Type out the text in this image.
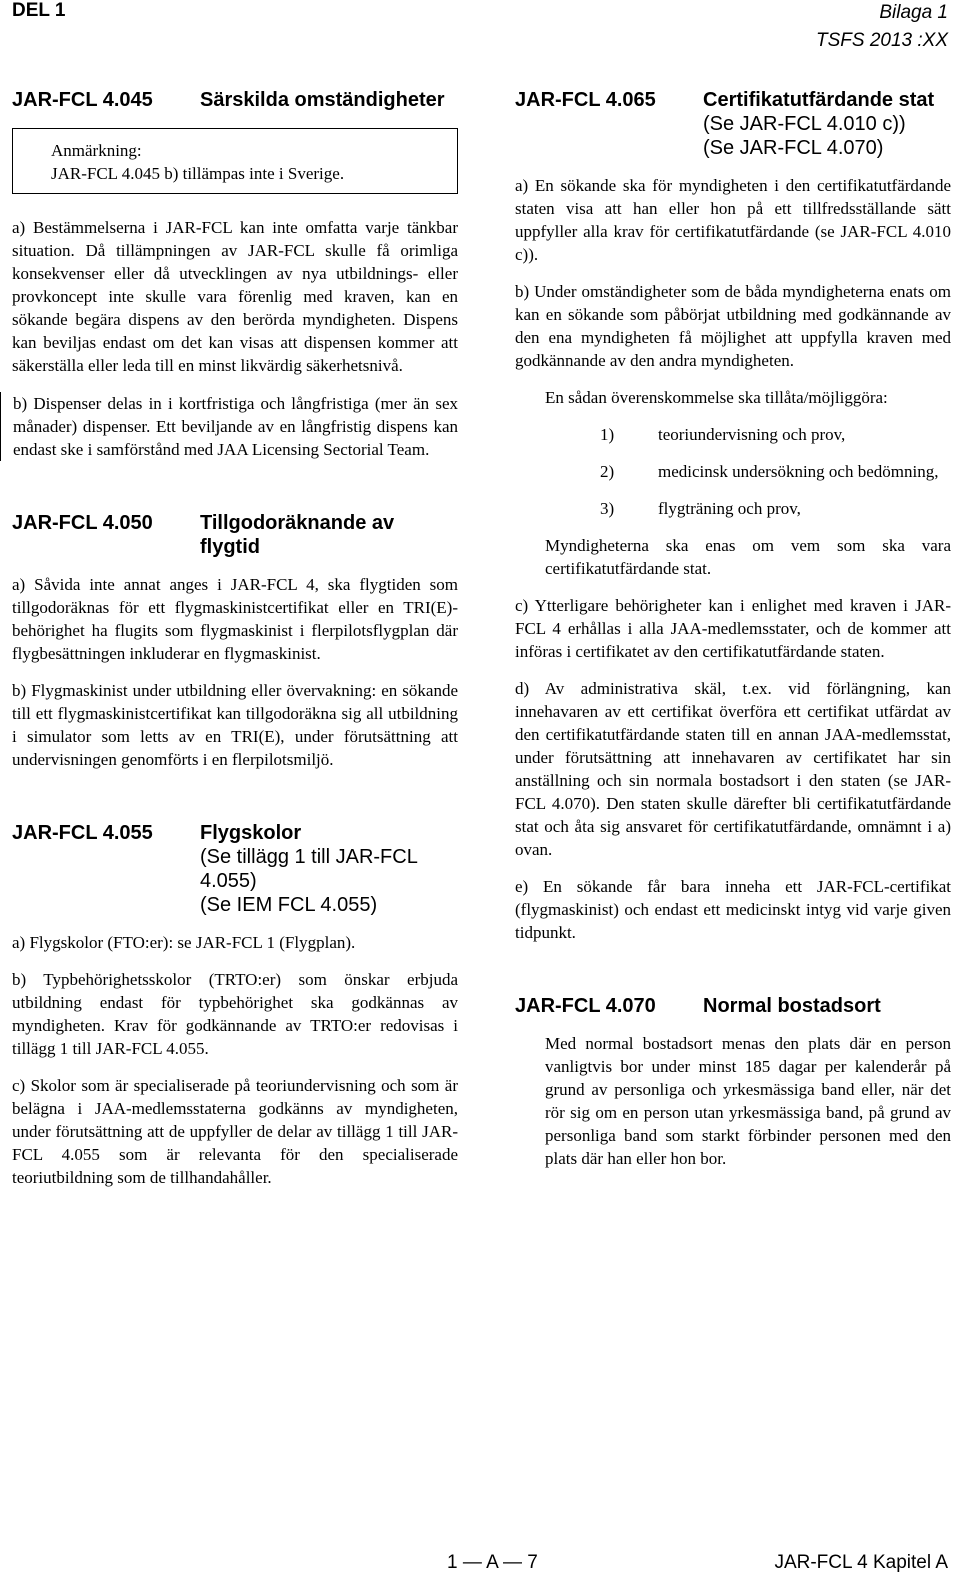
DEL 1	Bilaga 1
TSFS 2013 :XX
JAR-FCL 4.045	Särskilda omständigheter
Anmärkning:
JAR-FCL 4.045 b) tillämpas inte i Sverige.

a) Bestämmelserna i JAR-FCL kan inte omfatta varje tänkbar situation. Då tillämpningen av JAR-FCL skulle få orimliga konsekvenser eller då utvecklingen av nya utbildnings- eller provkoncept inte skulle vara förenlig med kraven, kan en sökande begära dispens av den berörda myndigheten. Dispens kan beviljas endast om det kan visas att dispensen kommer att säkerställa eller leda till en minst likvärdig säkerhetsnivå.

b) Dispenser delas in i kortfristiga och långfristiga (mer än sex månader) dispenser. Ett beviljande av en långfristig dispens kan endast ske i samförstånd med JAA Licensing Sectorial Team.

JAR-FCL 4.050	Tillgodoräknande av flygtid

a) Såvida inte annat anges i JAR-FCL 4, ska flygtiden som tillgodoräknas för ett flygmaskinistcertifikat eller en TRI(E)-behörighet ha flugits som flygmaskinist i flerpilotsflygplan där flygbesättningen inkluderar en flygmaskinist.

b) Flygmaskinist under utbildning eller övervakning: en sökande till ett flygmaskinistcertifikat kan tillgodoräkna sig all utbildning i simulator som letts av en TRI(E), under förutsättning att undervisningen genomförts i en flerpilotsmiljö.

JAR-FCL 4.055	Flygskolor
(Se tillägg 1 till JAR-FCL 4.055)
(Se IEM FCL 4.055)

a) Flygskolor (FTO:er): se JAR-FCL 1 (Flygplan).

b) Typbehörighetsskolor (TRTO:er) som önskar erbjuda utbildning endast för typbehörighet ska godkännas av myndigheten. Krav för godkännande av TRTO:er redovisas i tillägg 1 till JAR-FCL 4.055.

c) Skolor som är specialiserade på teoriundervisning och som är belägna i JAA-medlemsstaterna godkänns av myndigheten, under förutsättning att de uppfyller de delar av tillägg 1 till JAR-FCL 4.055 som är relevanta för den specialiserade teoriutbildning som de tillhandahåller.

JAR-FCL 4.065	Certifikatutfärdande stat
(Se JAR-FCL 4.010 c))
(Se JAR-FCL 4.070)

a) En sökande ska för myndigheten i den certifikatutfärdande staten visa att han eller hon på ett tillfredsställande sätt uppfyller alla krav för certifikatutfärdande (se JAR-FCL 4.010 c)).

b) Under omständigheter som de båda myndigheterna enats om kan en sökande som påbörjat utbildning med godkännande av den ena myndigheten få möjlighet att uppfylla kraven med godkännande av den andra myndigheten.

En sådan överenskommelse ska tillåta/möjliggöra:

1)	teoriundervisning och prov,
2)	medicinsk undersökning och bedömning,
3)	flygträning och prov,

Myndigheterna ska enas om vem som ska vara certifikatutfärdande stat.

c) Ytterligare behörigheter kan i enlighet med kraven i JAR-FCL 4 erhållas i alla JAA-medlemsstater, och de kommer att införas i certifikatet av den certifikatutfärdande staten.

d) Av administrativa skäl, t.ex. vid förlängning, kan innehavaren av ett certifikat överföra ett certifikat utfärdat av den certifikatutfärdande staten till en annan JAA-medlemsstat, under förutsättning att innehavaren av certifikatet har sin anställning och sin normala bostadsort i den staten (se JAR-FCL 4.070). Den staten skulle därefter bli certifikatutfärdande stat och åta sig ansvaret för certifikatutfärdande, omnämnt i a) ovan.

e) En sökande får bara inneha ett JAR-FCL-certifikat (flygmaskinist) och endast ett medicinskt intyg vid varje given tidpunkt.

JAR-FCL 4.070	Normal bostadsort

Med normal bostadsort menas den plats där en person vanligtvis bor under minst 185 dagar per kalenderår på grund av personliga och yrkesmässiga band eller, när det rör sig om en person utan yrkesmässiga band, på grund av personliga band som starkt förbinder personen med den plats där han eller hon bor.

1 — A — 7	JAR-FCL 4 Kapitel A
